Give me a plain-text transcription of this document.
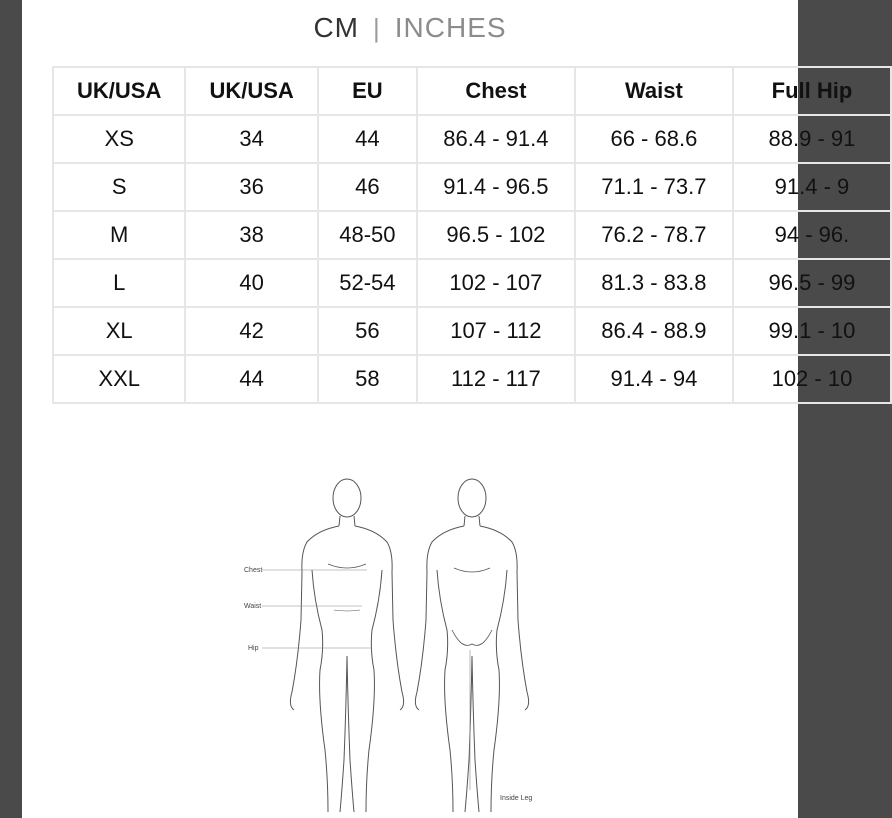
CM | INCHES
UK/USA	UK/USA	EU	Chest	Waist	Full Hip
XS	34	44	86.4 - 91.4	66 - 68.6	88.9 - 91
S	36	46	91.4 - 96.5	71.1 - 73.7	91.4 - 9
M	38	48-50	96.5 - 102	76.2 - 78.7	94 - 96.
L	40	52-54	102 - 107	81.3 - 83.8	96.5 - 99
XL	42	56	107 - 112	86.4 - 88.9	99.1 - 10
XXL	44	58	112 - 117	91.4 - 94	102 - 10
Chest
Waist
Hip
Inside Leg
